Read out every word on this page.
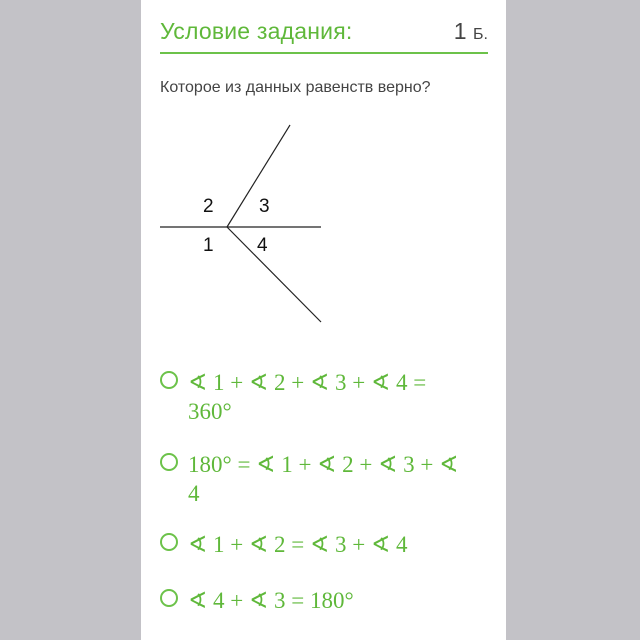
Условие задания:	1 Б.
Которое из данных равенств верно?
2 3
1 4
∢ 1 + ∢ 2 + ∢ 3 + ∢ 4 = 360°
180° = ∢ 1 + ∢ 2 + ∢ 3 + ∢ 4
∢ 1 + ∢ 2 = ∢ 3 + ∢ 4
∢ 4 + ∢ 3 = 180°
